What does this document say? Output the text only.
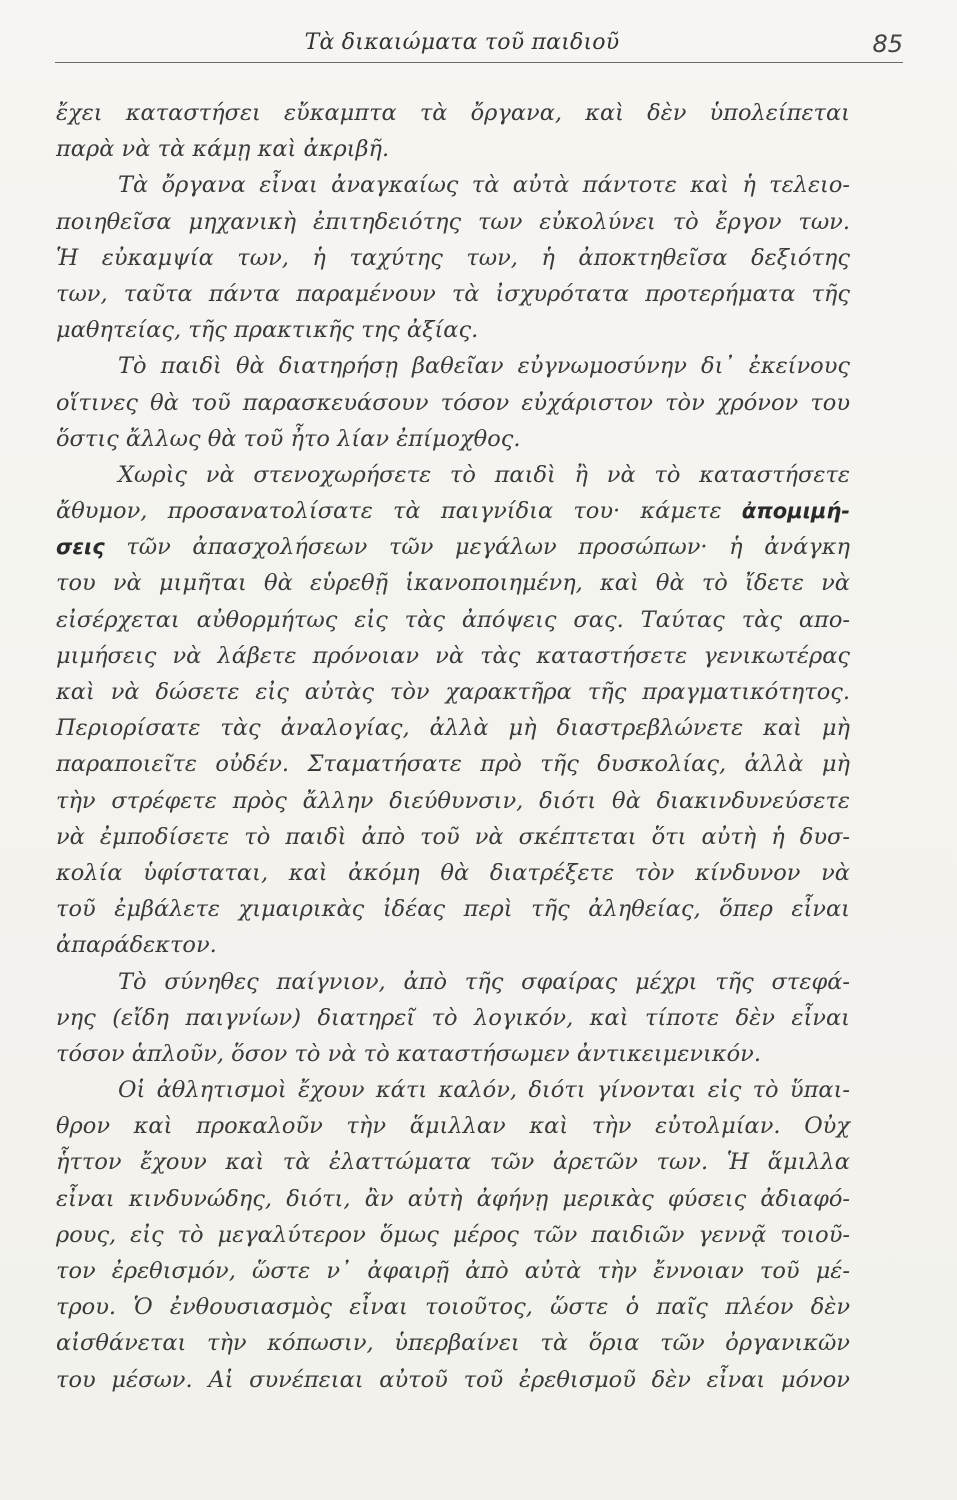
Τὰ δικαιώματα τοῦ παιδιοῦ	85
ἔχει καταστήσει εὔκαμπτα τὰ ὄργανα, καὶ δὲν ὑπολείπεται
παρὰ νὰ τὰ κάμῃ καὶ ἀκριβῆ.
Τὰ ὄργανα εἶναι ἀναγκαίως τὰ αὐτὰ πάντοτε καὶ ἡ τελειο-
ποιηθεῖσα μηχανικὴ ἐπιτηδειότης των εὐκολύνει τὸ ἔργον των.
Ἡ εὐκαμψία των, ἡ ταχύτης των, ἡ ἀποκτηθεῖσα δεξιότης
των, ταῦτα πάντα παραμένουν τὰ ἰσχυρότατα προτερήματα τῆς
μαθητείας, τῆς πρακτικῆς της ἀξίας.
Τὸ παιδὶ θὰ διατηρήσῃ βαθεῖαν εὐγνωμοσύνην δι᾽ ἐκείνους
οἵτινες θὰ τοῦ παρασκευάσουν τόσον εὐχάριστον τὸν χρόνον του
ὅστις ἄλλως θὰ τοῦ ἦτο λίαν ἐπίμοχθος.
Χωρὶς νὰ στενοχωρήσετε τὸ παιδὶ ἢ νὰ τὸ καταστήσετε
ἄθυμον, προσανατολίσατε τὰ παιγνίδια του· κάμετε ἀπομιμή-
σεις τῶν ἀπασχολήσεων τῶν μεγάλων προσώπων· ἡ ἀνάγκη
του νὰ μιμῆται θὰ εὑρεθῇ ἱκανοποιημένη, καὶ θὰ τὸ ἴδετε νὰ
εἰσέρχεται αὐθορμήτως εἰς τὰς ἀπόψεις σας. Ταύτας τὰς απο-
μιμήσεις νὰ λάβετε πρόνοιαν νὰ τὰς καταστήσετε γενικωτέρας
καὶ νὰ δώσετε εἰς αὐτὰς τὸν χαρακτῆρα τῆς πραγματικότητος.
Περιορίσατε τὰς ἀναλογίας, ἀλλὰ μὴ διαστρεβλώνετε καὶ μὴ
παραποιεῖτε οὐδέν. Σταματήσατε πρὸ τῆς δυσκολίας, ἀλλὰ μὴ
τὴν στρέφετε πρὸς ἄλλην διεύθυνσιν, διότι θὰ διακινδυνεύσετε
νὰ ἐμποδίσετε τὸ παιδὶ ἀπὸ τοῦ νὰ σκέπτεται ὅτι αὐτὴ ἡ δυσ-
κολία ὑφίσταται, καὶ ἀκόμη θὰ διατρέξετε τὸν κίνδυνον νὰ
τοῦ ἐμβάλετε χιμαιρικὰς ἰδέας περὶ τῆς ἀληθείας, ὅπερ εἶναι
ἀπαράδεκτον.
Τὸ σύνηθες παίγνιον, ἀπὸ τῆς σφαίρας μέχρι τῆς στεφά-
νης (εἴδη παιγνίων) διατηρεῖ τὸ λογικόν, καὶ τίποτε δὲν εἶναι
τόσον ἁπλοῦν, ὅσον τὸ νὰ τὸ καταστήσωμεν ἀντικειμενικόν.
Οἱ ἀθλητισμοὶ ἔχουν κάτι καλόν, διότι γίνονται εἰς τὸ ὕπαι-
θρον καὶ προκαλοῦν τὴν ἅμιλλαν καὶ τὴν εὐτολμίαν. Οὐχ
ἧττον ἔχουν καὶ τὰ ἐλαττώματα τῶν ἀρετῶν των. Ἡ ἅμιλλα
εἶναι κινδυνώδης, διότι, ἂν αὐτὴ ἀφήνῃ μερικὰς φύσεις ἀδιαφό-
ρους, εἰς τὸ μεγαλύτερον ὅμως μέρος τῶν παιδιῶν γεννᾷ τοιοῦ-
τον ἐρεθισμόν, ὥστε ν᾽ ἀφαιρῇ ἀπὸ αὐτὰ τὴν ἔννοιαν τοῦ μέ-
τρου. Ὁ ἐνθουσιασμὸς εἶναι τοιοῦτος, ὥστε ὁ παῖς πλέον δὲν
αἰσθάνεται τὴν κόπωσιν, ὑπερβαίνει τὰ ὅρια τῶν ὀργανικῶν
του μέσων. Αἱ συνέπειαι αὐτοῦ τοῦ ἐρεθισμοῦ δὲν εἶναι μόνον
